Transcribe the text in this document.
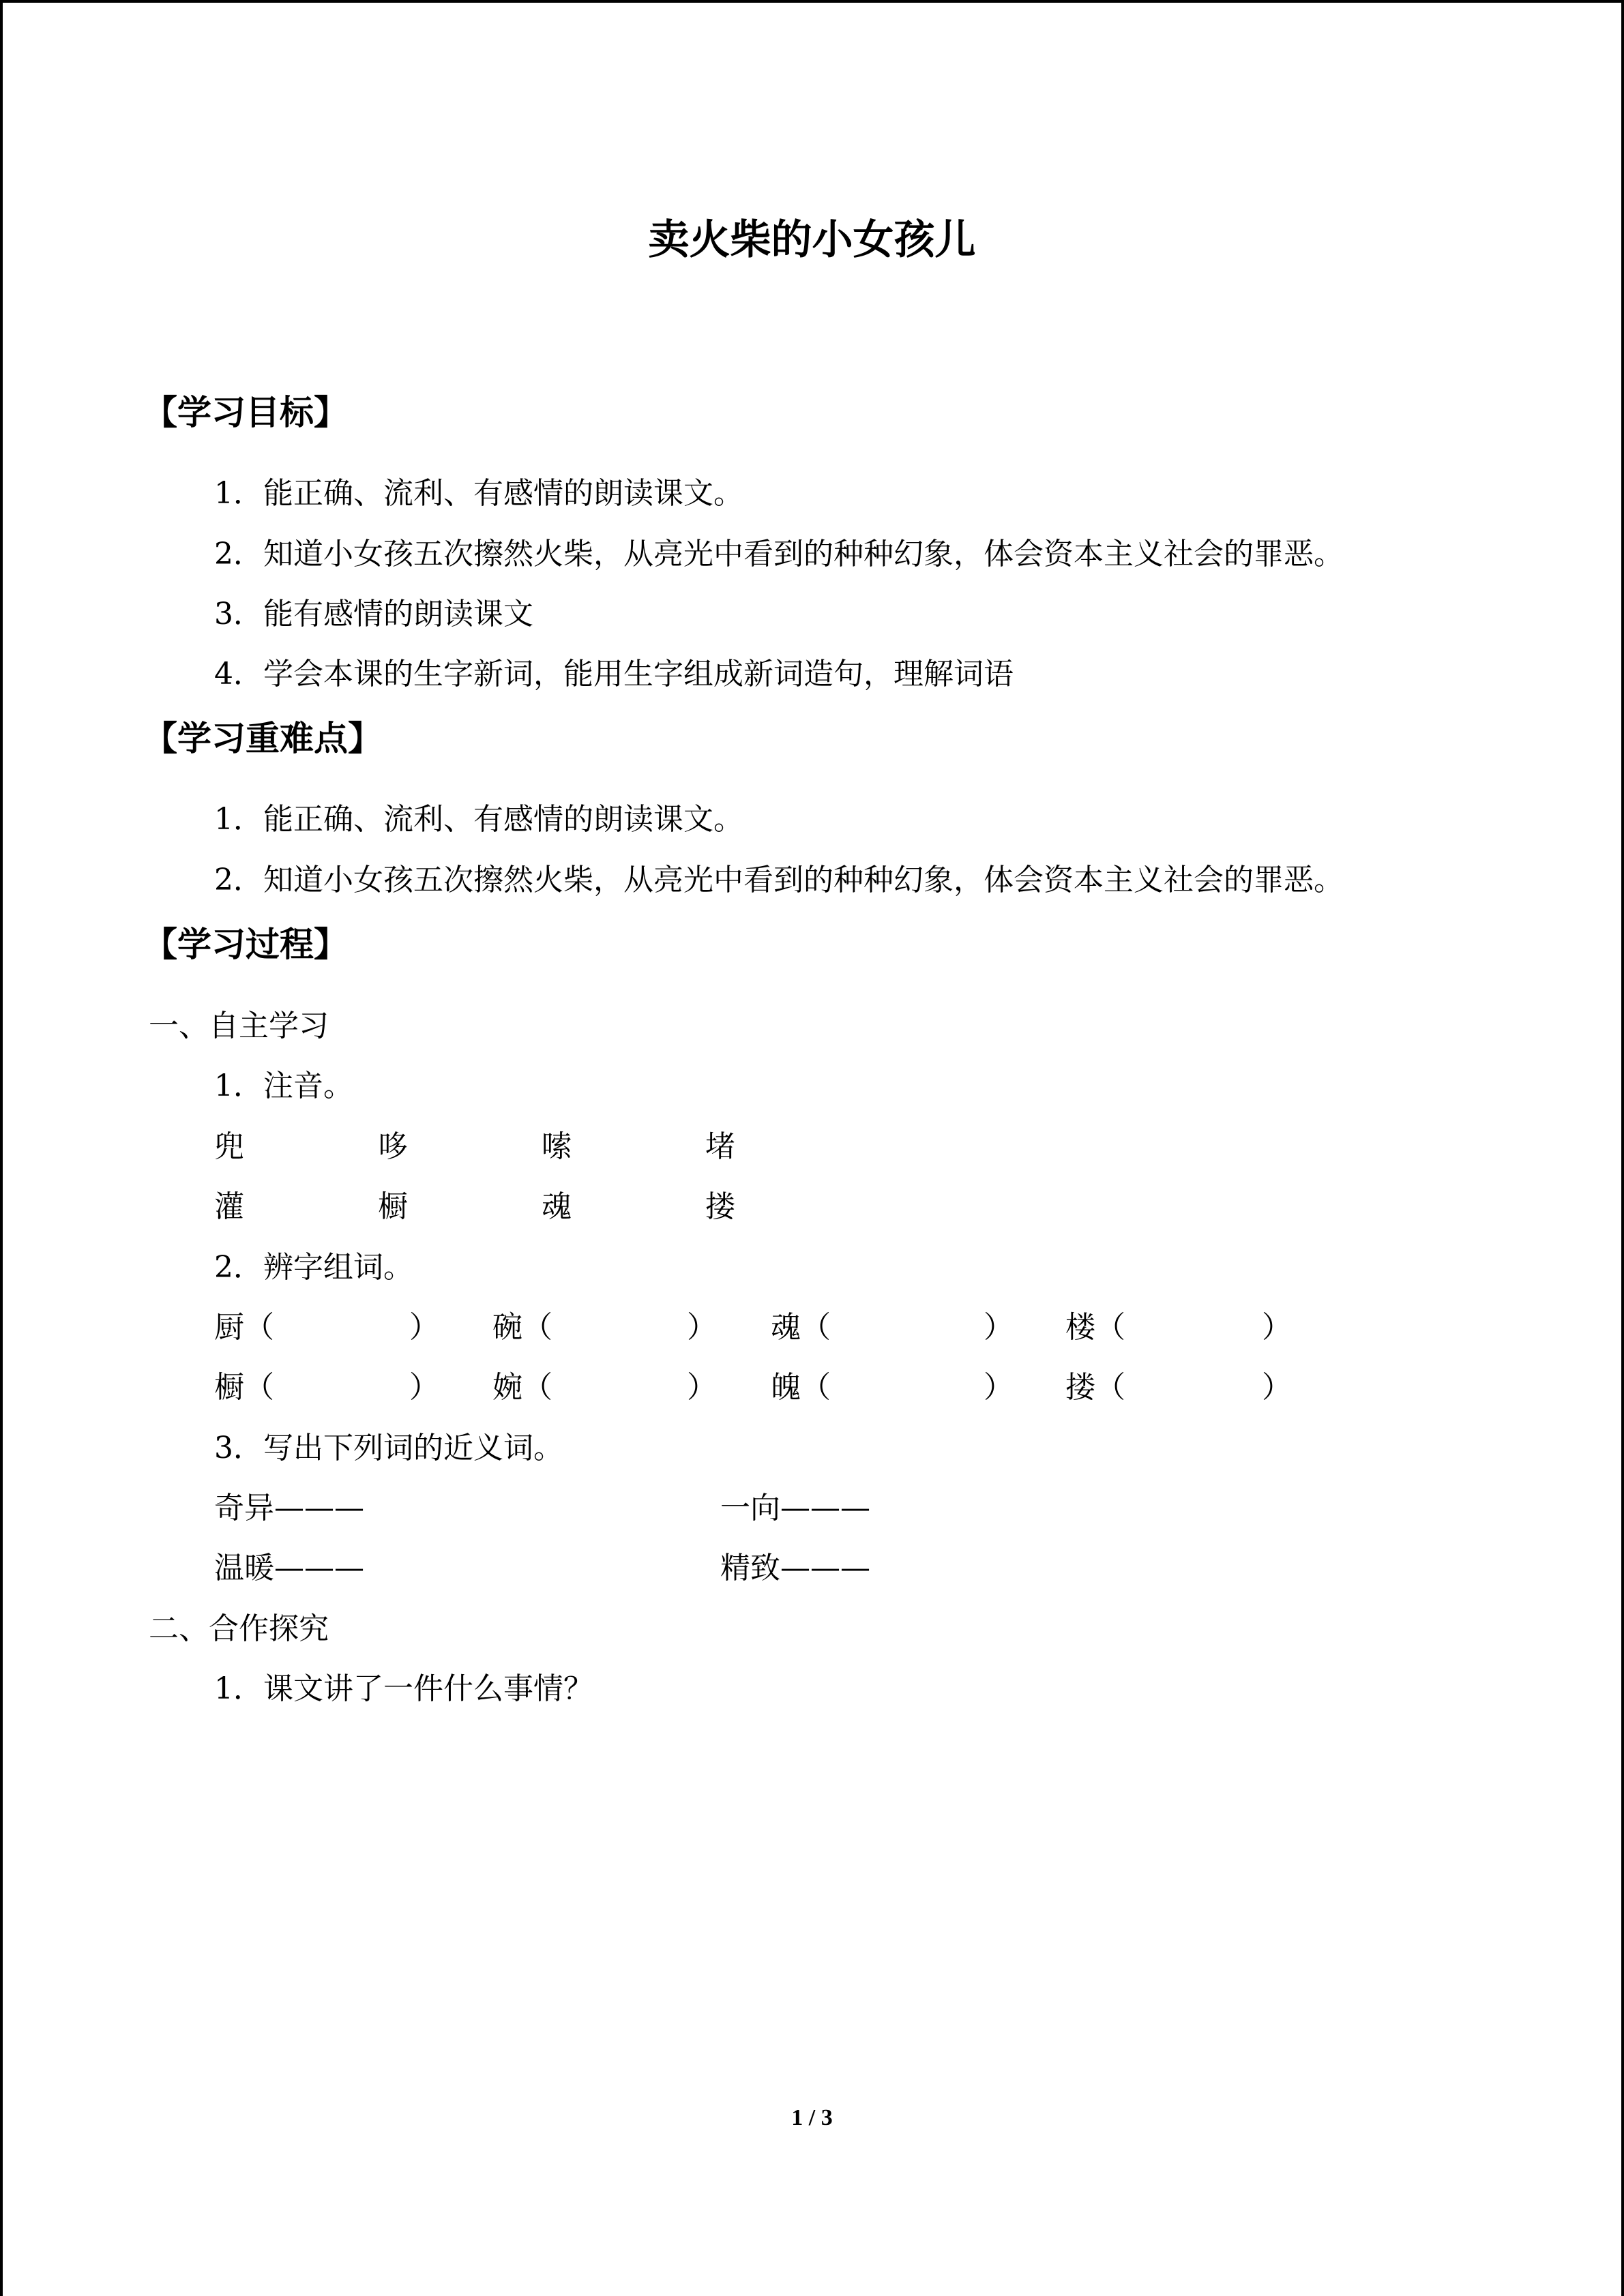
卖火柴的小女孩儿
【学习目标】
1．能正确、流利、有感情的朗读课文。
2．知道小女孩五次擦然火柴，从亮光中看到的种种幻象，体会资本主义社会的罪恶。
3．能有感情的朗读课文
4．学会本课的生字新词，能用生字组成新词造句，理解词语
【学习重难点】
1．能正确、流利、有感情的朗读课文。
2．知道小女孩五次擦然火柴，从亮光中看到的种种幻象，体会资本主义社会的罪恶。
【学习过程】
一、自主学习
1．注音。
兜	哆	嗦	堵
灌	橱	魂	搂
2．辨字组词。
厨（	） 碗（	） 魂（	） 楼（	）
橱（	） 婉（	） 魄（	） 搂（	）
3．写出下列词的近义词。
奇异———	一向———
温暖———	精致———
二、合作探究
1．课文讲了一件什么事情？
1 / 3
